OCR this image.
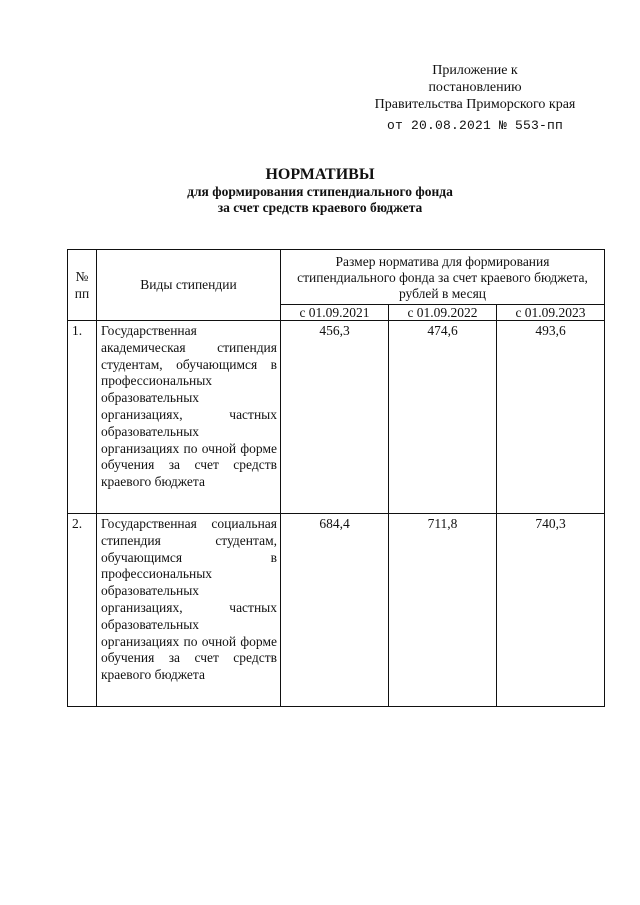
Приложение к
постановлению
Правительства Приморского края
от 20.08.2021 № 553-пп
НОРМАТИВЫ
для формирования стипендиального фонда
за счет средств краевого бюджета
№ пп	Виды стипендии	Размер норматива для формирования стипендиального фонда за счет краевого бюджета, рублей в месяц		
		с 01.09.2021	с 01.09.2022	с 01.09.2023
1.	Государственная академическая стипендия студентам, обучающимся в профессиональных образовательных организациях, частных образовательных организациях по очной форме обучения за счет средств краевого бюджета	456,3	474,6	493,6
2.	Государственная социальная стипендия студентам, обучающимся в профессиональных образовательных организациях, частных образовательных организациях по очной форме обучения за счет средств краевого бюджета	684,4	711,8	740,3
